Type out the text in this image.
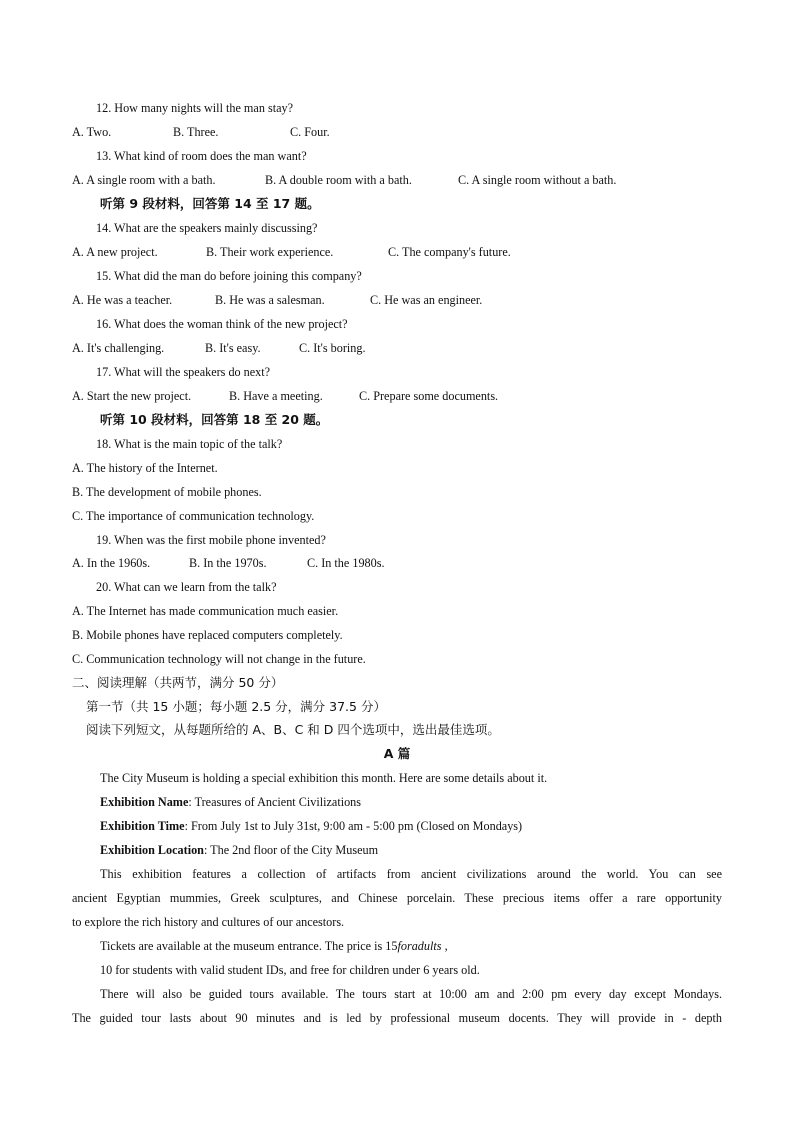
12. How many nights will the man stay?
A. Two.	B. Three.	C. Four.
13. What kind of room does the man want?
A. A single room with a bath.	B. A double room with a bath.	C. A single room without a bath.
听第 9 段材料，回答第 14 至 17 题。
14. What are the speakers mainly discussing?
A. A new project.	B. Their work experience.	C. The company's future.
15. What did the man do before joining this company?
A. He was a teacher.	B. He was a salesman.	C. He was an engineer.
16. What does the woman think of the new project?
A. It's challenging.	B. It's easy.	C. It's boring.
17. What will the speakers do next?
A. Start the new project.	B. Have a meeting.	C. Prepare some documents.
听第 10 段材料，回答第 18 至 20 题。
18. What is the main topic of the talk?
A. The history of the Internet.
B. The development of mobile phones.
C. The importance of communication technology.
19. When was the first mobile phone invented?
A. In the 1960s.	B. In the 1970s.	C. In the 1980s.
20. What can we learn from the talk?
A. The Internet has made communication much easier.
B. Mobile phones have replaced computers completely.
C. Communication technology will not change in the future.
二、阅读理解（共两节，满分 50 分）
第一节（共 15 小题；每小题 2.5 分，满分 37.5 分）
阅读下列短文，从每题所给的 A、B、C 和 D 四个选项中，选出最佳选项。
A 篇
The City Museum is holding a special exhibition this month. Here are some details about it.
Exhibition Name: Treasures of Ancient Civilizations
Exhibition Time: From July 1st to July 31st, 9:00 am - 5:00 pm (Closed on Mondays)
Exhibition Location: The 2nd floor of the City Museum
This exhibition features a collection of artifacts from ancient civilizations around the world. You can see
ancient Egyptian mummies, Greek sculptures, and Chinese porcelain. These precious items offer a rare opportunity
to explore the rich history and cultures of our ancestors.
Tickets are available at the museum entrance. The price is 15foradults ,
10 for students with valid student IDs, and free for children under 6 years old.
There will also be guided tours available. The tours start at 10:00 am and 2:00 pm every day except Mondays.
The guided tour lasts about 90 minutes and is led by professional museum docents. They will provide in - depth
